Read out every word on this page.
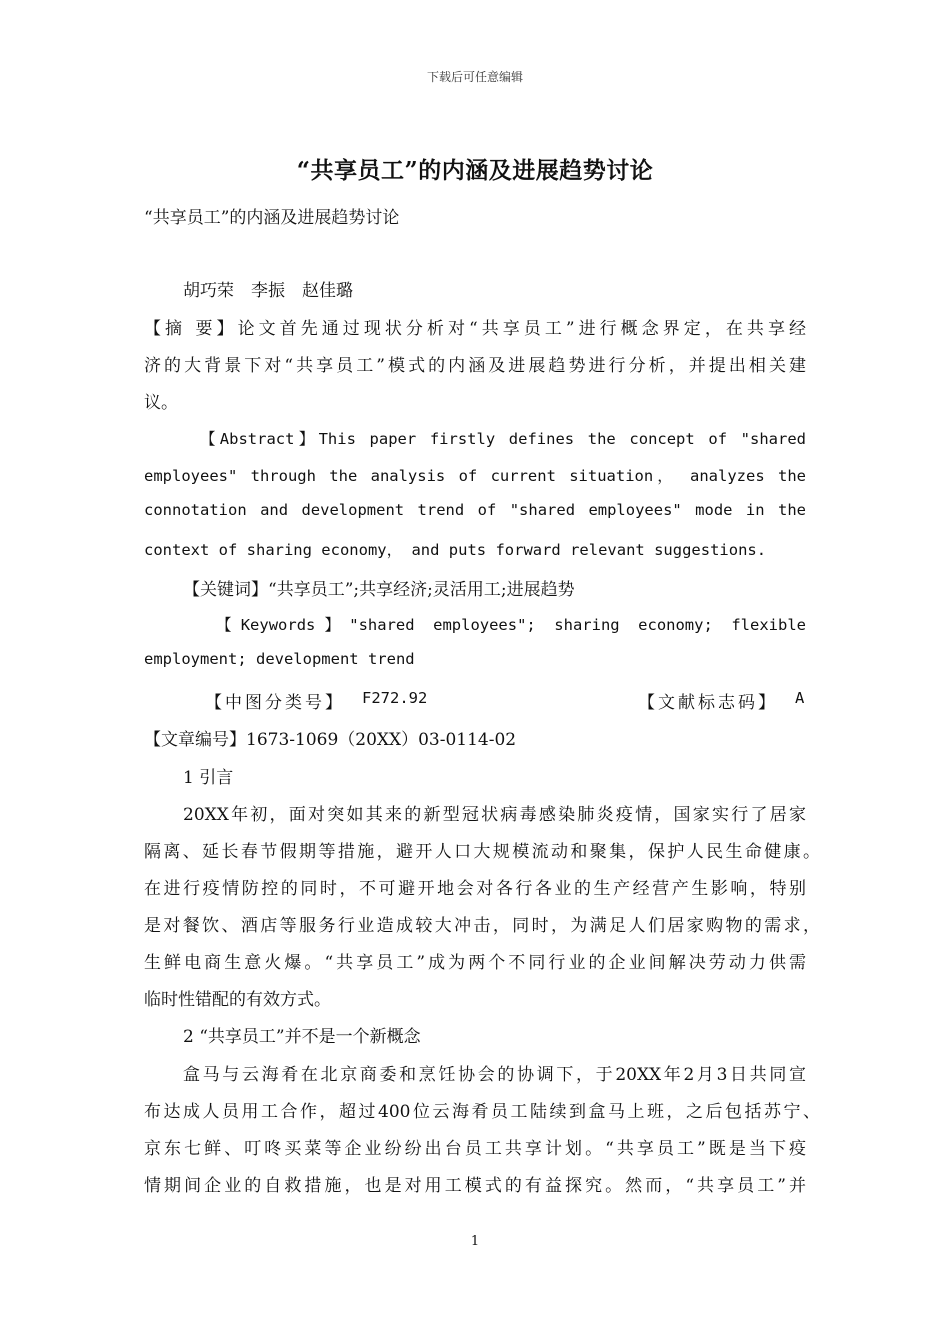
下载后可任意编辑
“共享员工”的内涵及进展趋势讨论
“共享员工”的内涵及进展趋势讨论
胡巧荣　李振　赵佳璐
【摘 要】论文首先通过现状分析对“共享员工”进行概念界定，在共享经
济的大背景下对“共享员工”模式的内涵及进展趋势进行分析，并提出相关建
议。
【Abstract】This paper firstly defines the concept of "shared
employees" through the analysis of current situation， analyzes the
connotation and development trend of "shared employees" mode in the
context of sharing economy， and puts forward relevant suggestions.
【关键词】“共享员工”;共享经济;灵活用工;进展趋势
【Keywords】"shared employees"; sharing economy; flexible
employment; development trend
【中图分类号】 F272.92	【文献标志码】 A
【文章编号】1673-1069（20XX）03-0114-02
1 引言
20XX年初，面对突如其来的新型冠状病毒感染肺炎疫情，国家实行了居家
隔离、延长春节假期等措施，避开人口大规模流动和聚集，保护人民生命健康。
在进行疫情防控的同时，不可避开地会对各行各业的生产经营产生影响，特别
是对餐饮、酒店等服务行业造成较大冲击，同时，为满足人们居家购物的需求，
生鲜电商生意火爆。“共享员工”成为两个不同行业的企业间解决劳动力供需
临时性错配的有效方式。
2 “共享员工”并不是一个新概念
盒马与云海肴在北京商委和烹饪协会的协调下，于20XX年2月3日共同宣
布达成人员用工合作，超过400位云海肴员工陆续到盒马上班，之后包括苏宁、
京东七鲜、叮咚买菜等企业纷纷出台员工共享计划。“共享员工”既是当下疫
情期间企业的自救措施，也是对用工模式的有益探究。然而，“共享员工”并
1
